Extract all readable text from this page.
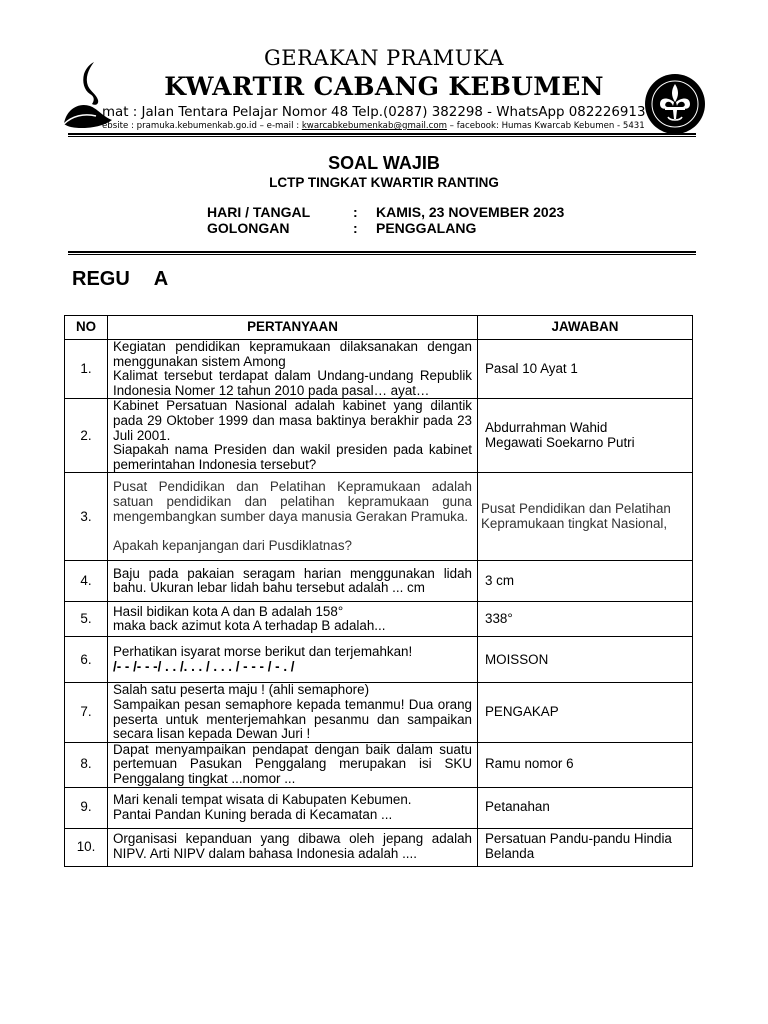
GERAKAN PRAMUKA
KWARTIR CABANG KEBUMEN
mat : Jalan Tentara Pelajar Nomor 48 Telp.(0287) 382298 - WhatsApp 082226913
ebsite : pramuka.kebumenkab.go.id – e-mail : kwarcabkebumenkab@gmail.com – facebook: Humas Kwarcab Kebumen - 5431
SOAL WAJIB
LCTP TINGKAT KWARTIR RANTING
HARI / TANGAL	: KAMIS, 23 NOVEMBER 2023
GOLONGAN	: PENGGALANG
REGU A
NO	PERTANYAAN	JAWABAN
1.	Kegiatan pendidikan kepramukaan dilaksanakan dengan menggunakan sistem Among
Kalimat tersebut terdapat dalam Undang-undang Republik Indonesia Nomer 12 tahun 2010 pada pasal… ayat…	Pasal 10 Ayat 1

2.	Kabinet Persatuan Nasional adalah kabinet yang dilantik pada 29 Oktober 1999 dan masa baktinya berakhir pada 23 Juli 2001.
Siapakah nama Presiden dan wakil presiden pada kabinet pemerintahan Indonesia tersebut?	Abdurrahman Wahid
Megawati Soekarno Putri

3.	Pusat Pendidikan dan Pelatihan Kepramukaan adalah satuan pendidikan dan pelatihan kepramukaan guna mengembangkan sumber daya manusia Gerakan Pramuka.

Apakah kepanjangan dari Pusdiklatnas?	Pusat Pendidikan dan Pelatihan Kepramukaan tingkat Nasional,

4.	Baju pada pakaian seragam harian menggunakan lidah bahu. Ukuran lebar lidah bahu tersebut adalah ... cm	3 cm

5.	Hasil bidikan kota A dan B adalah 158°
maka back azimut kota A terhadap B adalah...	338°

6.	Perhatikan isyarat morse berikut dan terjemahkan!
/- - /- - -/ . . /. . . / . . . / - - - / - . /	MOISSON

7.	Salah satu peserta maju ! (ahli semaphore)
Sampaikan pesan semaphore kepada temanmu! Dua orang peserta untuk menterjemahkan pesanmu dan sampaikan secara lisan kepada Dewan Juri !	PENGAKAP

8.	Dapat menyampaikan pendapat dengan baik dalam suatu pertemuan Pasukan Penggalang merupakan isi SKU Penggalang tingkat ...nomor ...	Ramu nomor 6

9.	Mari kenali tempat wisata di Kabupaten Kebumen.
Pantai Pandan Kuning berada di Kecamatan ...	Petanahan

10.	Organisasi kepanduan yang dibawa oleh jepang adalah NIPV. Arti NIPV dalam bahasa Indonesia adalah ....	Persatuan Pandu-pandu Hindia Belanda
